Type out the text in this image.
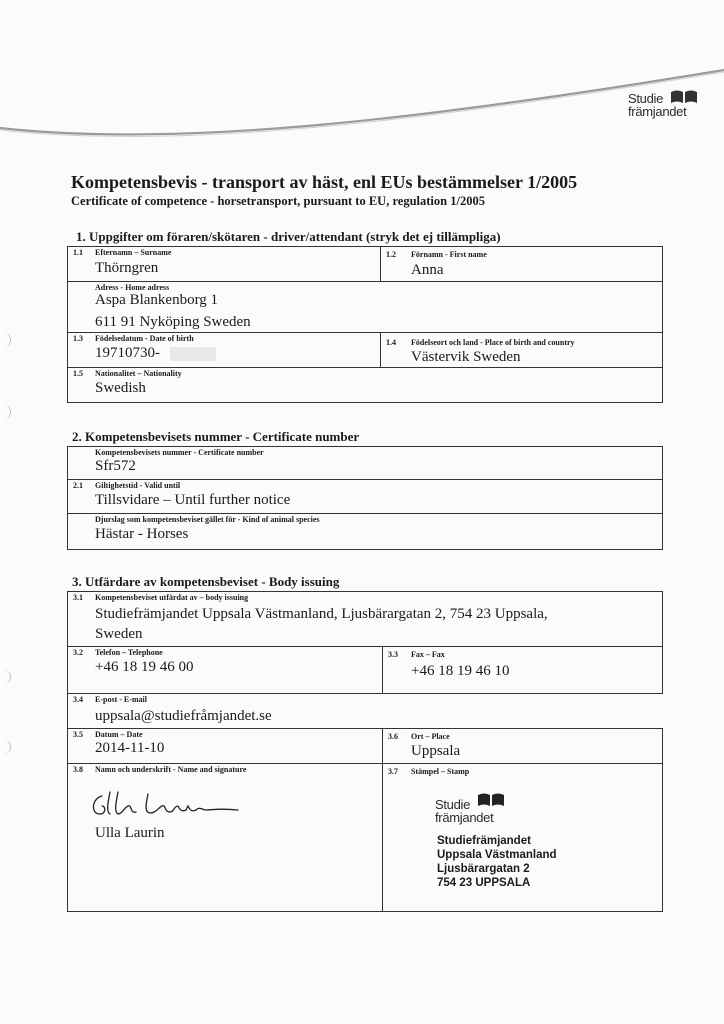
Studie
främjandet
Kompetensbevis - transport av häst, enl EUs bestämmelser 1/2005
Certificate of competence - horsetransport, pursuant to EU, regulation 1/2005
1. Uppgifter om föraren/skötaren - driver/attendant (stryk det ej tillämpliga)
1.1 Efternamn – Surname
Thörngren
1.2 Förnamn - First name
Anna
Adress - Home adress
Aspa Blankenborg 1
611 91 Nyköping Sweden
1.3 Födelsedatum - Date of birth
19710730-
1.4 Födelseort och land - Place of birth and country
Västervik Sweden
1.5 Nationalitet – Nationality
Swedish
2. Kompetensbevisets nummer - Certificate number
Kompetensbevisets nummer - Certificate number
Sfr572
2.1 Giltighetstid - Valid until
Tillsvidare – Until further notice
Djurslag som kompetensbeviset gället för - Kind of animal species
Hästar - Horses
3. Utfärdare av kompetensbeviset - Body issuing
3.1 Kompetensbeviset utfärdat av – body issuing
Studiefrämjandet Uppsala Västmanland, Ljusbärargatan 2, 754 23 Uppsala,
Sweden
3.2 Telefon – Telephone
+46 18 19 46 00
3.3 Fax – Fax
+46 18 19 46 10
3.4 E-post - E-mail
uppsala@studiefråmjandet.se
3.5 Datum – Date
2014-11-10
3.6 Ort – Place
Uppsala
3.8 Namn och underskrift - Name and signature
Ulla Laurin
3.7 Stämpel – Stamp
Studie
främjandet
Studiefrämjandet
Uppsala Västmanland
Ljusbärargatan 2
754 23 UPPSALA
